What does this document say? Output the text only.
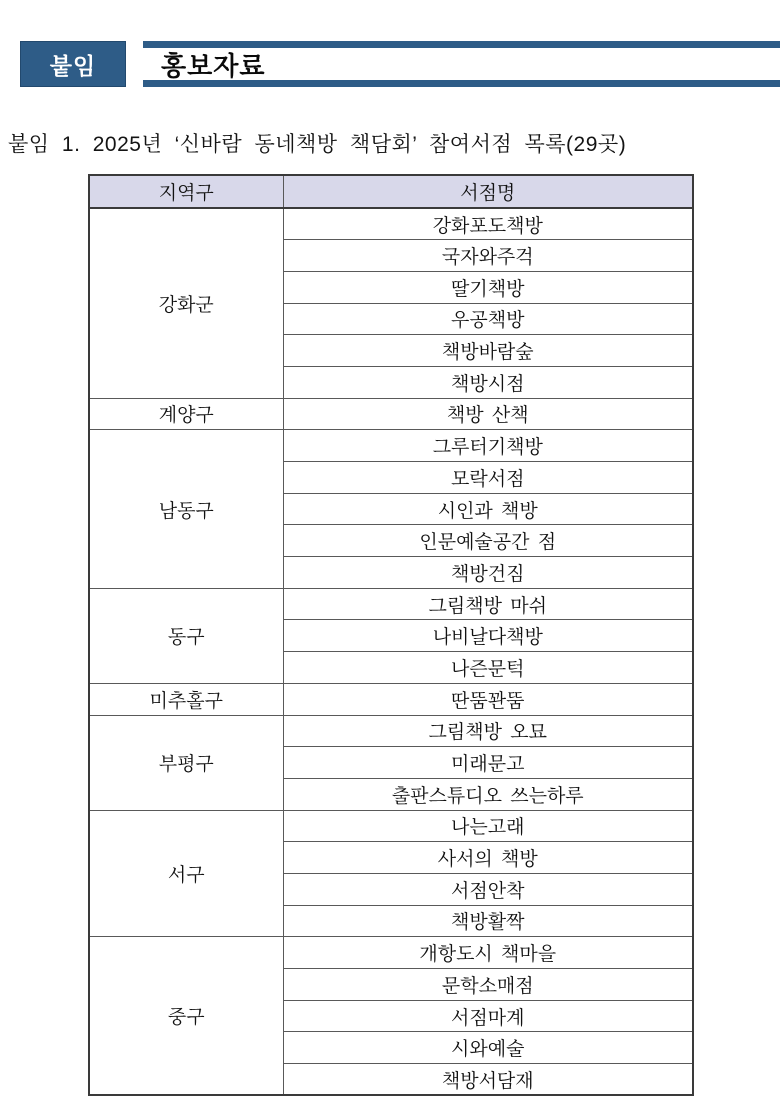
붙임 홍보자료
붙임 1. 2025년 ‘신바람 동네책방 책담회’ 참여서점 목록(29곳)
지역구	서점명
강화군	강화포도책방
	국자와주걱
	딸기책방
	우공책방
	책방바람숲
	책방시점
계양구	책방 산책
남동구	그루터기책방
	모락서점
	시인과 책방
	인문예술공간 점
	책방건짐
동구	그림책방 마쉬
	나비날다책방
	나즌문턱
미추홀구	딴뚬꽌뚬
부평구	그림책방 오묘
	미래문고
	출판스튜디오 쓰는하루
서구	나는고래
	사서의 책방
	서점안착
	책방활짝
중구	개항도시 책마을
	문학소매점
	서점마계
	시와예술
	책방서담재
